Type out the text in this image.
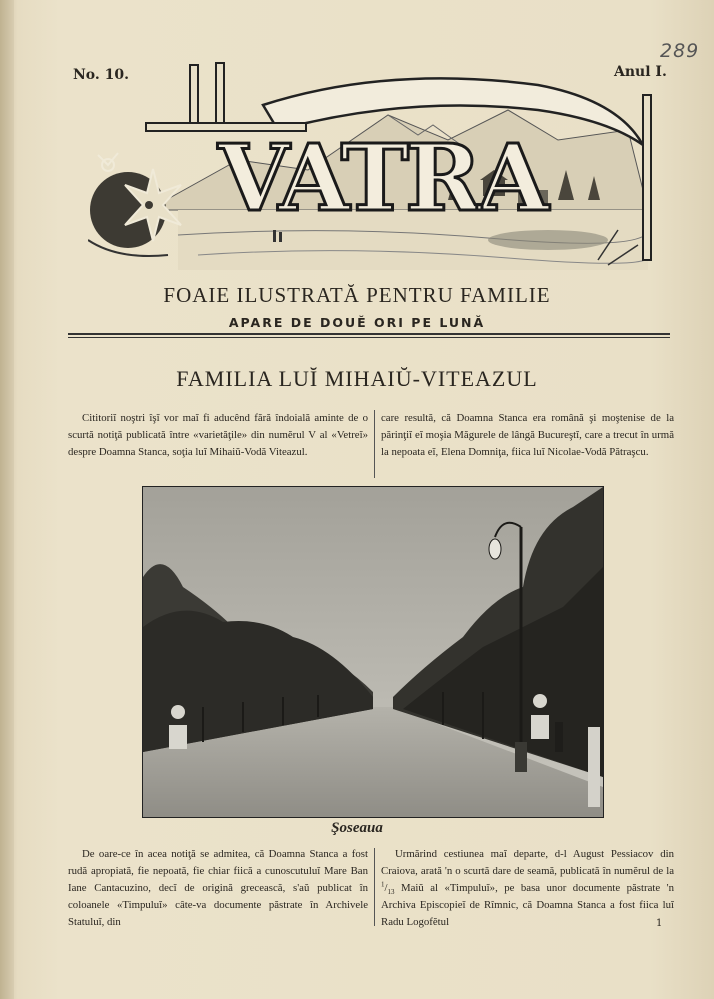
289
No. 10.	Anul I.
VATRA
FOAIE ILUSTRATĂ PENTRU FAMILIE
APARE DE DOUĔ ORI PE LUNĂ
FAMILIA LUĬ MIHAIŬ-VITEAZUL

Cititoriĭ noştri îşĭ vor maĭ fi aducênd fără îndoială aminte de o scurtă notiţă publicată între «varietăţile» din numĕrul V al «Vetreĭ» despre Doamna Stanca, soţia luĭ Mihaiŭ-Vodă Viteazul.

care resultă, că Doamna Stanca era română şi moştenise de la părinţiĭ eĭ moşia Măgurele de lângă Bucureştĭ, care a trecut în urmă la nepoata eĭ, Elena Domniţa, fiica luĭ Nicolae-Vodă Pătraşcu.

Şoseaua

De oare-ce în acea notiţă se admitea, că Doamna Stanca a fost rudă apropiată, fie nepoată, fie chiar fiică a cunoscutuluĭ Mare Ban Iane Cantacuzino, decĭ de origină grecească, s'aŭ publicat în coloanele «Timpuluĭ» câte-va documente păstrate în Archivele Statuluĭ, din

Urmărind cestiunea maĭ departe, d-l August Pessiacov din Craiova, arată 'n o scurtă dare de seamă, publicată în numĕrul de la $^1/_{13}$ Maiŭ al «Timpuluĭ», pe basa unor documente păstrate 'n Archiva Episcopieĭ de Rîmnic, că Doamna Stanca a fost fiica luĭ Radu Logofĕtul	1
